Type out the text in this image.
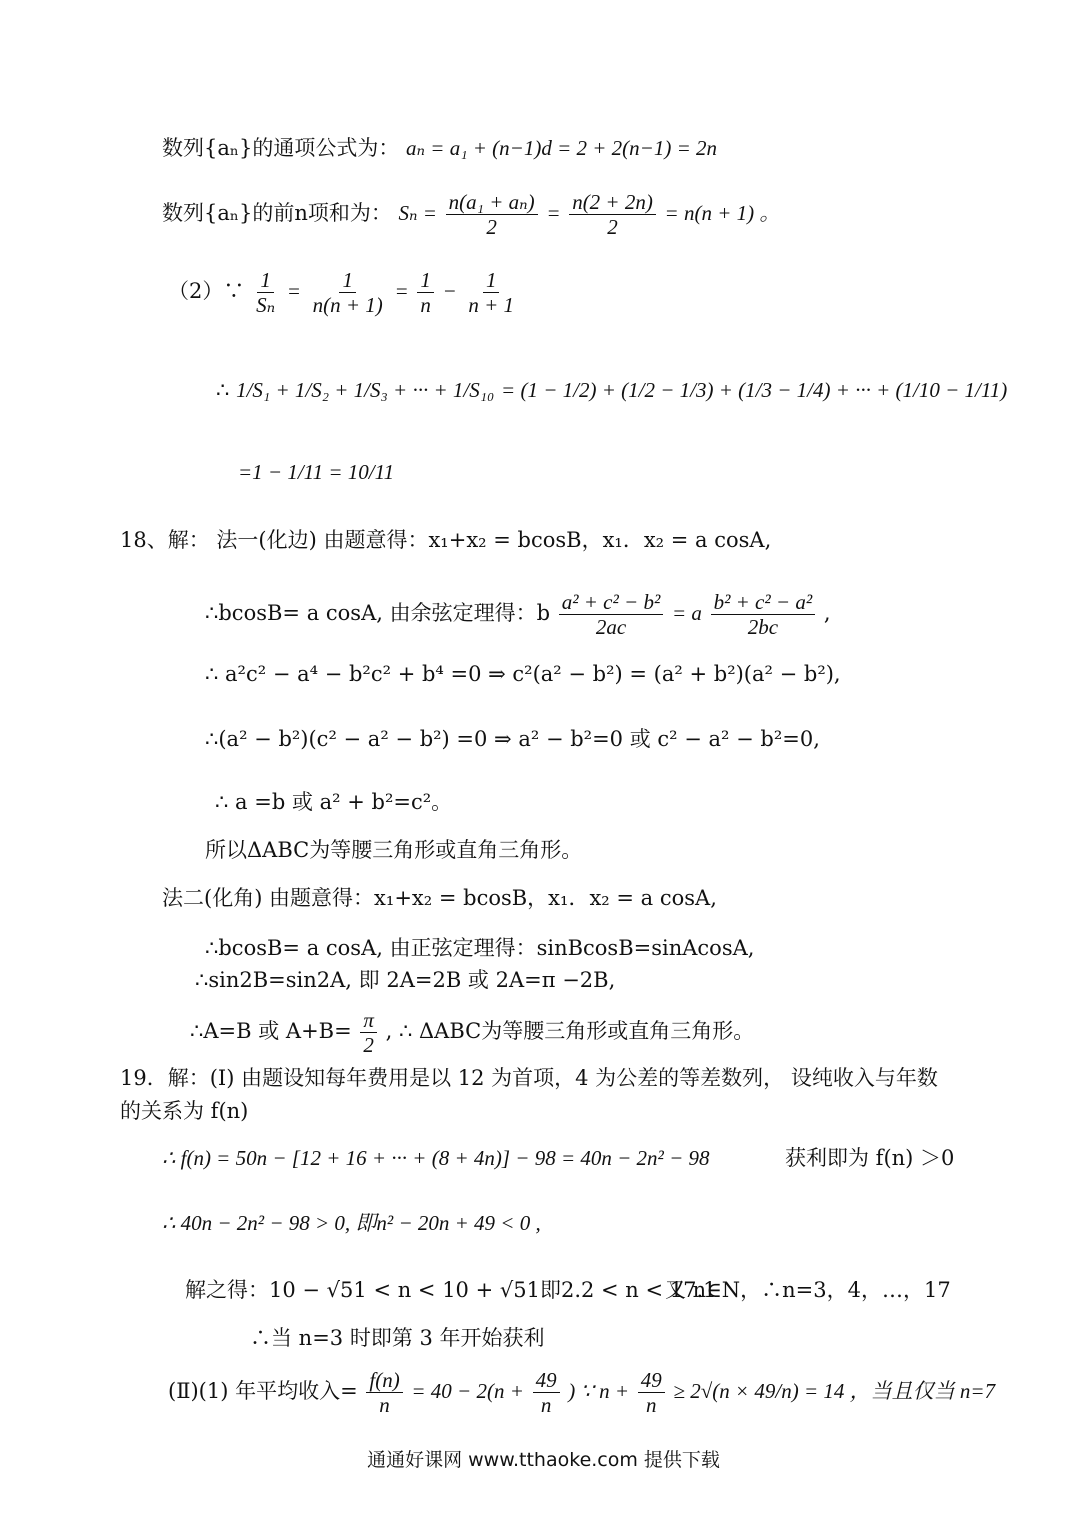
数列{aₙ}的通项公式为： aₙ = a₁ + (n−1)d = 2 + 2(n−1) = 2n
数列{aₙ}的前n项和为： $S_n = \frac{\text{n(a₁ + aₙ)}}{2} = \frac{n(2 + 2n)}{2} = n(n + 1)$ 。
（2）∵ $\frac{1}{\text{Sₙ}} = \frac{1}{n(n + 1)} = \frac{1}{n} - \frac{1}{n + 1}$
∴ 1/S₁ + 1/S₂ + 1/S₃ + ··· + 1/S₁₀ = (1 − 1/2) + (1/2 − 1/3) + (1/3 − 1/4) + ··· + (1/10 − 1/11)
=1 − 1/11 = 10/11
18、解： 法一(化边) 由题意得：x₁+x₂ = bcosB，x₁．x₂ = a cosA,
∴bcosB= a cosA, 由余弦定理得：b $\frac{\text{a² + c² − b²}}{2ac} = a \frac{\text{b² + c² − a²}}{2bc}$ ,
∴ a²c² − a⁴ − b²c² + b⁴ =0 ⇒ c²(a² − b²) = (a² + b²)(a² − b²),
∴(a² − b²)(c² − a² − b²) =0 ⇒ a² − b²=0 或 c² − a² − b²=0,
∴ a =b 或 a² + b²=c²。
所以ΔABC为等腰三角形或直角三角形。
法二(化角) 由题意得：x₁+x₂ = bcosB，x₁．x₂ = a cosA,
∴bcosB= a cosA, 由正弦定理得：sinBcosB=sinAcosA,
∴sin2B=sin2A, 即 2A=2B 或 2A=π −2B,
∴A=B 或 $A+B= \frac{\pi}{2}$ , ∴ ΔABC为等腰三角形或直角三角形。
19．解：(Ⅰ) 由题设知每年费用是以 12 为首项，4 为公差的等差数列， 设纯收入与年数
的关系为 f(n)
∴ f(n) = 50n − [12 + 16 + ··· + (8 + 4n)] − 98 = 40n − 2n² − 98	获利即为 f(n) ＞0
∴ 40n − 2n² − 98 > 0, 即n² − 20n + 49 < 0 ,
解之得：10 − √51 < n < 10 + √51即2.2 < n < 17.1
又 n∈N，∴n=3，4，…，17
∴当 n=3 时即第 3 年开始获利
(Ⅱ)(1) 年平均收入= $\frac{f(n)}{n} = 40 - 2(n + \frac{49}{n}$ ) ∵ $n + \frac{49}{n} \ge 2√(n \times 49/n) = 14$ ，当且仅当 n=7
通通好课网 www.tthaoke.com 提供下载
